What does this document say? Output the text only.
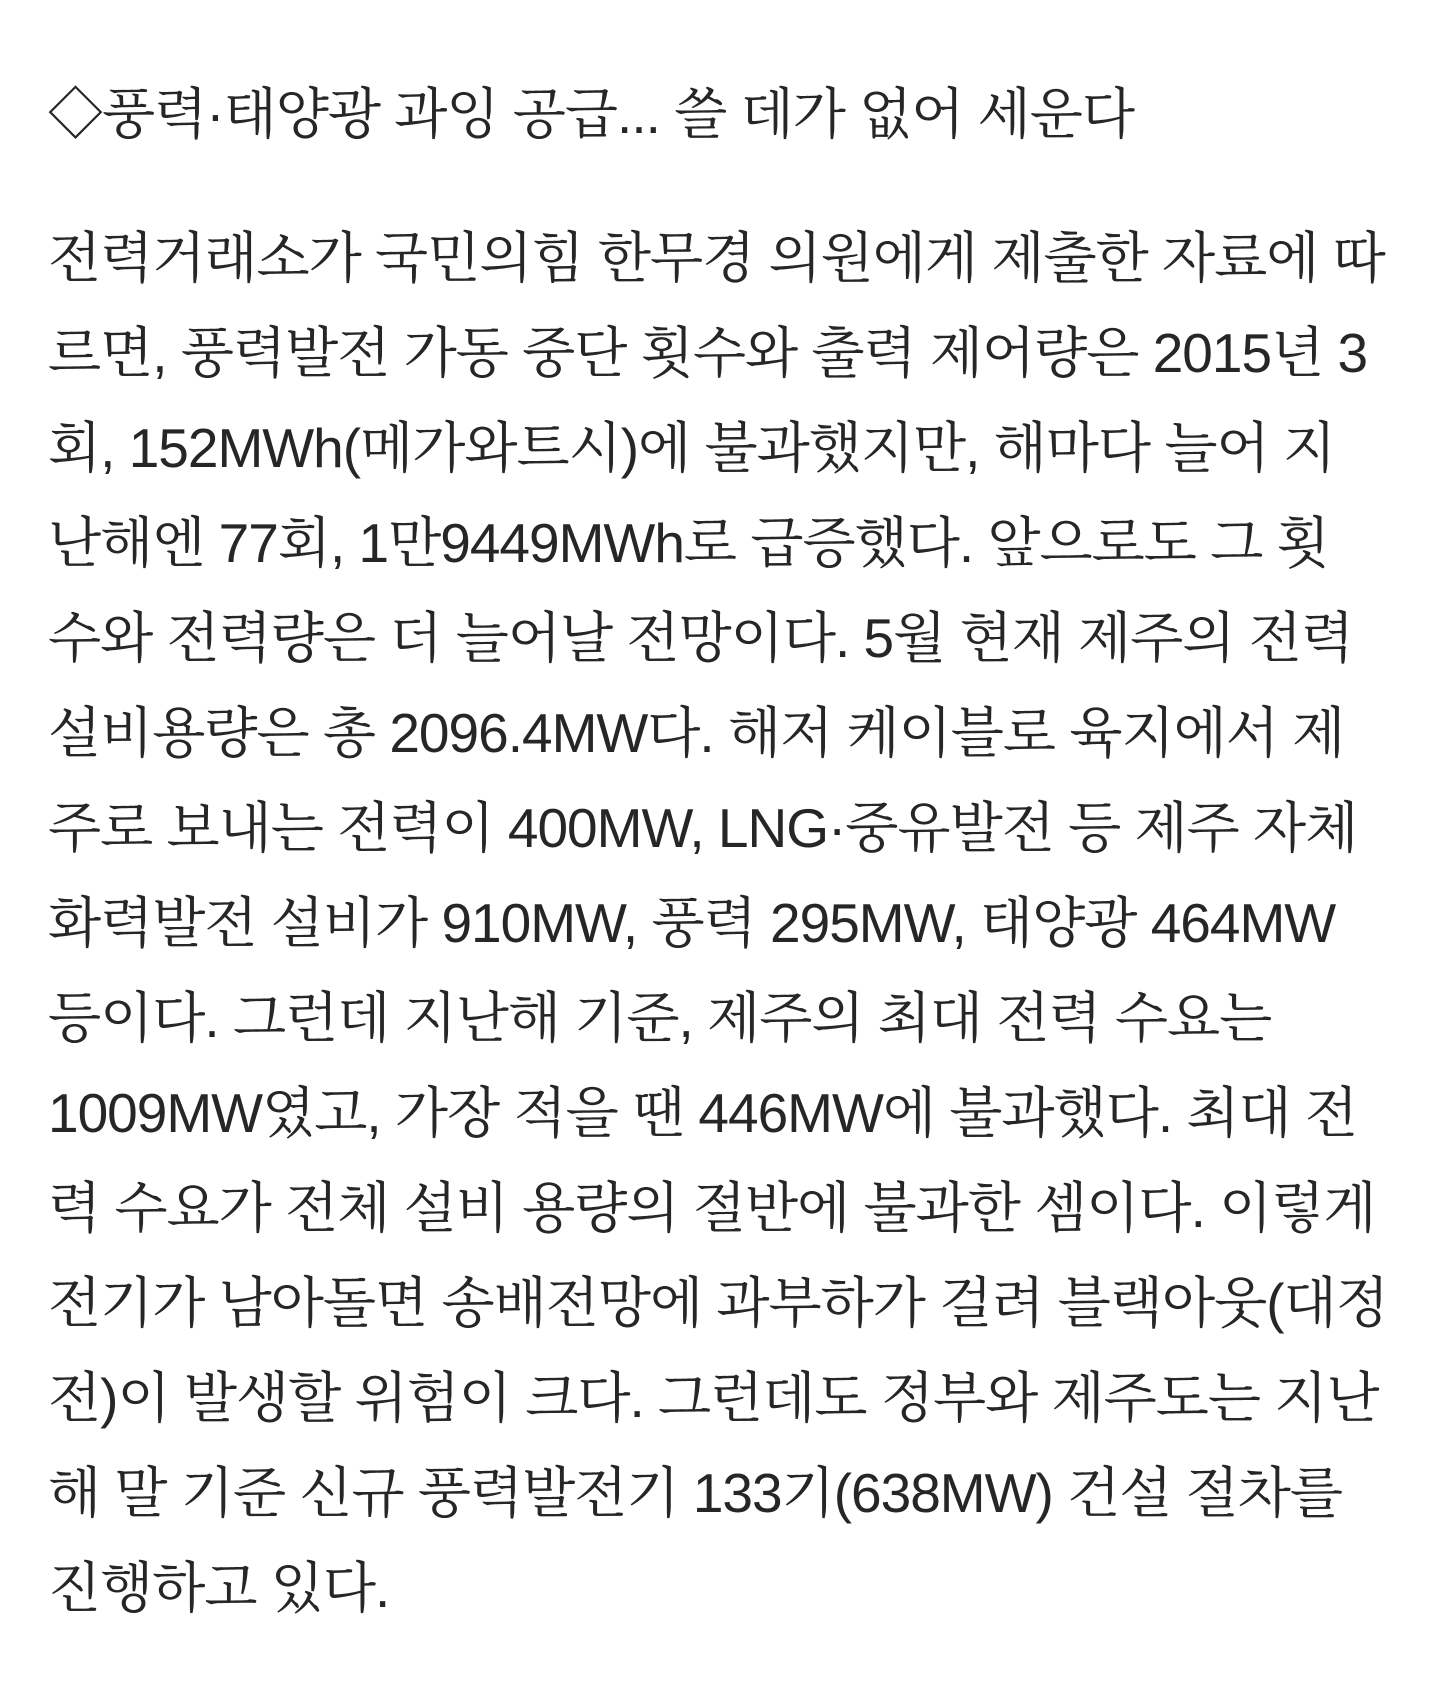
◇풍력·태양광 과잉 공급... 쓸 데가 없어 세운다
전력거래소가 국민의힘 한무경 의원에게 제출한 자료에 따
르면, 풍력발전 가동 중단 횟수와 출력 제어량은 2015년 3
회, 152MWh(메가와트시)에 불과했지만, 해마다 늘어 지
난해엔 77회, 1만9449MWh로 급증했다. 앞으로도 그 횟
수와 전력량은 더 늘어날 전망이다. 5월 현재 제주의 전력
설비용량은 총 2096.4MW다. 해저 케이블로 육지에서 제
주로 보내는 전력이 400MW, LNG·중유발전 등 제주 자체
화력발전 설비가 910MW, 풍력 295MW, 태양광 464MW
등이다. 그런데 지난해 기준, 제주의 최대 전력 수요는
1009MW였고, 가장 적을 땐 446MW에 불과했다. 최대 전
력 수요가 전체 설비 용량의 절반에 불과한 셈이다. 이렇게
전기가 남아돌면 송배전망에 과부하가 걸려 블랙아웃(대정
전)이 발생할 위험이 크다. 그런데도 정부와 제주도는 지난
해 말 기준 신규 풍력발전기 133기(638MW) 건설 절차를
진행하고 있다.
